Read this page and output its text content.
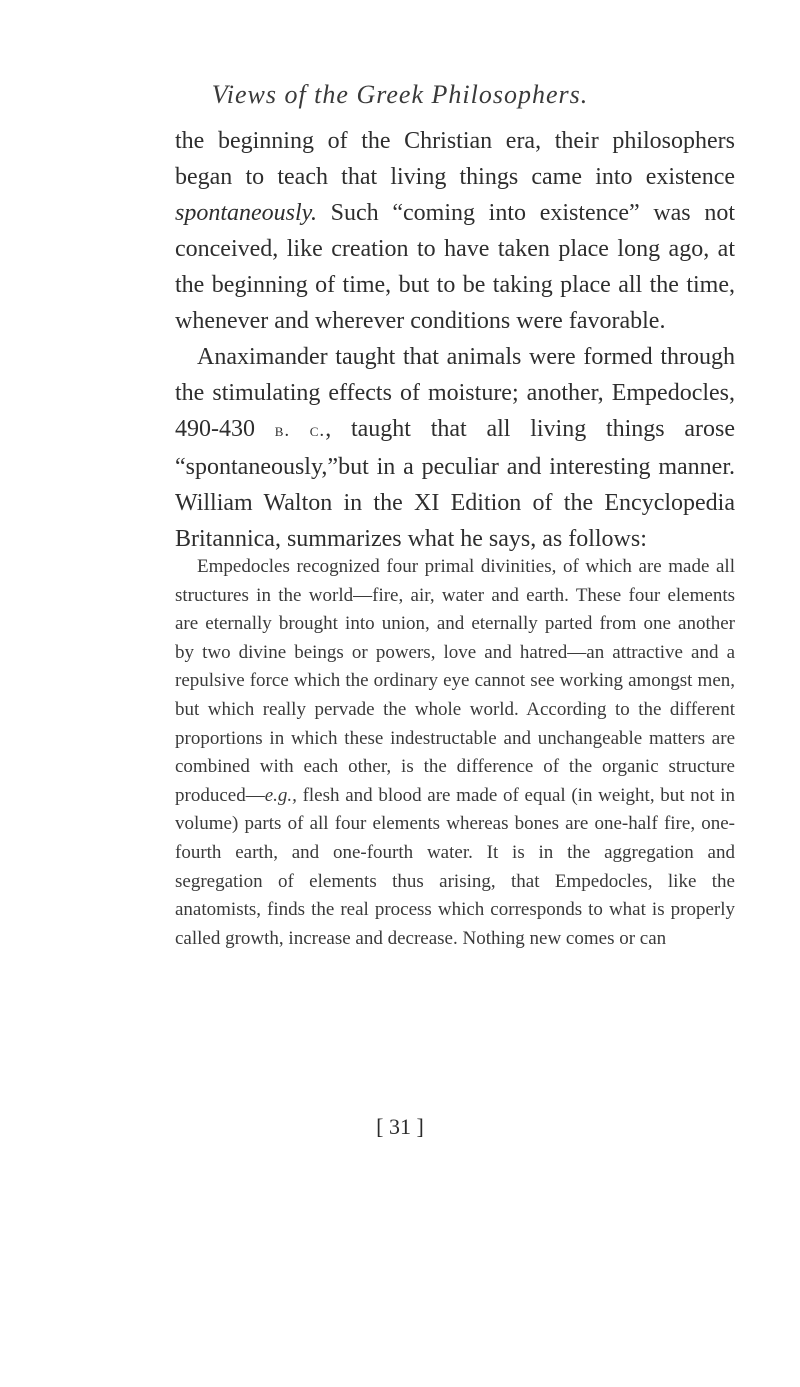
Views of the Greek Philosophers.

the beginning of the Christian era, their philosophers began to teach that living things came into existence spontaneously. Such “coming into existence” was not conceived, like creation to have taken place long ago, at the beginning of time, but to be taking place all the time, whenever and wherever conditions were favorable.

Anaximander taught that animals were formed through the stimulating effects of moisture; another, Empedocles, 490-430 b. c., taught that all living things arose “spontaneously,”but in a peculiar and interesting manner. William Walton in the XI Edition of the Encyclopedia Britannica, summarizes what he says, as follows:

Empedocles recognized four primal divinities, of which are made all structures in the world—fire, air, water and earth. These four elements are eternally brought into union, and eternally parted from one another by two divine beings or powers, love and hatred—an attractive and a repulsive force which the ordinary eye cannot see working amongst men, but which really pervade the whole world. According to the different proportions in which these indestructable and unchangeable matters are combined with each other, is the difference of the organic structure produced—e.g., flesh and blood are made of equal (in weight, but not in volume) parts of all four elements whereas bones are one-half fire, one-fourth earth, and one-fourth water. It is in the aggregation and segregation of elements thus arising, that Empedocles, like the anatomists, finds the real process which corresponds to what is properly called growth, increase and decrease. Nothing new comes or can

[ 31 ]
